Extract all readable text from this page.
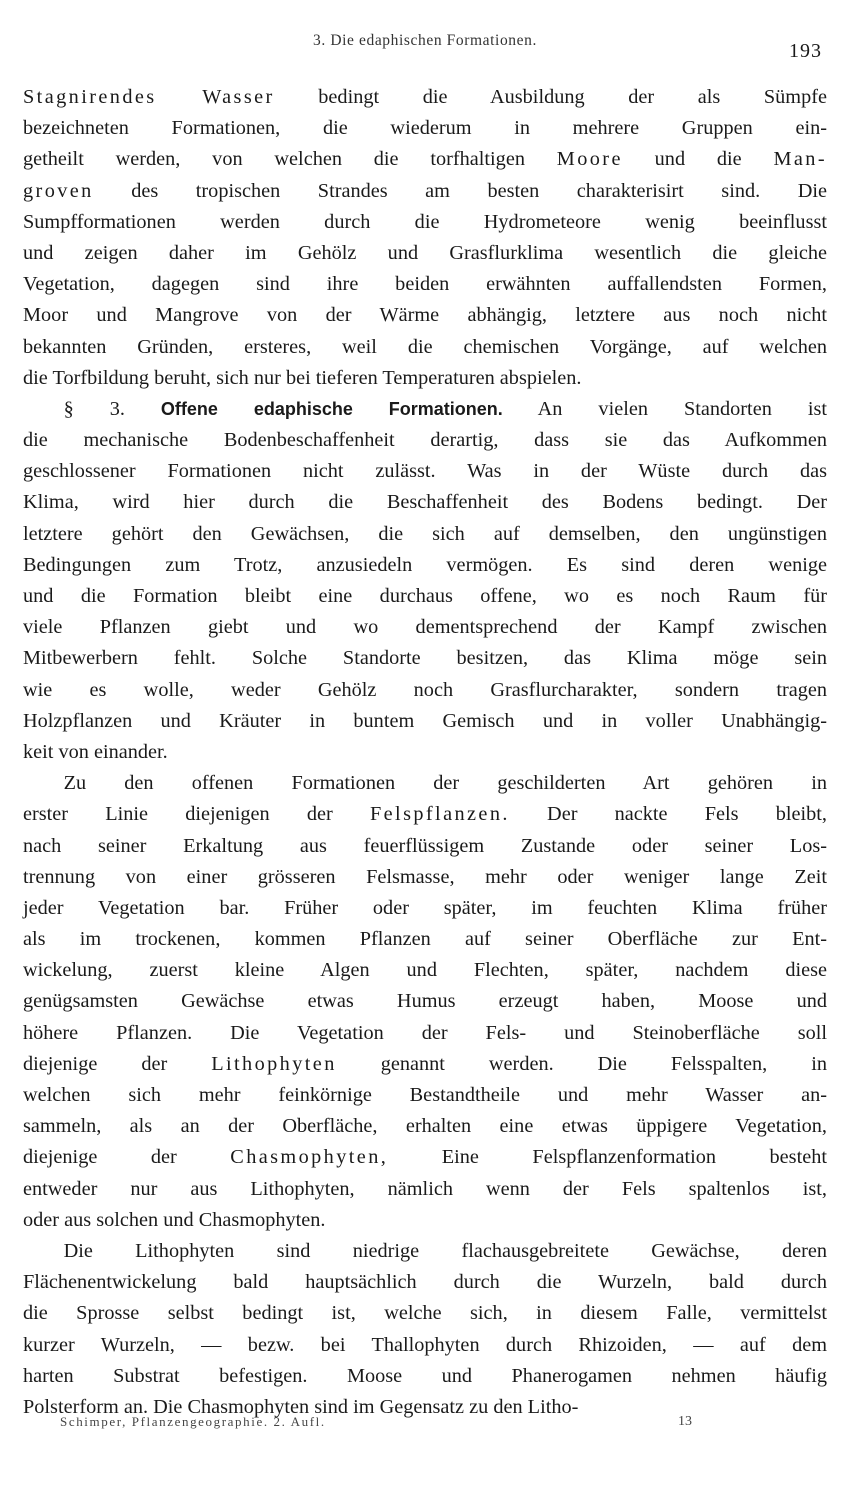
3. Die edaphischen Formationen.	193
Stagnirendes Wasser bedingt die Ausbildung der als Sümpfe
bezeichneten Formationen, die wiederum in mehrere Gruppen ein-
getheilt werden, von welchen die torfhaltigen Moore und die Man-
groven des tropischen Strandes am besten charakterisirt sind. Die
Sumpfformationen werden durch die Hydrometeore wenig beeinflusst
und zeigen daher im Gehölz und Grasflurklima wesentlich die gleiche
Vegetation, dagegen sind ihre beiden erwähnten auffallendsten Formen,
Moor und Mangrove von der Wärme abhängig, letztere aus noch nicht
bekannten Gründen, ersteres, weil die chemischen Vorgänge, auf welchen
die Torfbildung beruht, sich nur bei tieferen Temperaturen abspielen.
  § 3. Offene edaphische Formationen. An vielen Standorten ist
die mechanische Bodenbeschaffenheit derartig, dass sie das Aufkommen
geschlossener Formationen nicht zulässt. Was in der Wüste durch das
Klima, wird hier durch die Beschaffenheit des Bodens bedingt. Der
letztere gehört den Gewächsen, die sich auf demselben, den ungünstigen
Bedingungen zum Trotz, anzusiedeln vermögen. Es sind deren wenige
und die Formation bleibt eine durchaus offene, wo es noch Raum für
viele Pflanzen giebt und wo dementsprechend der Kampf zwischen
Mitbewerbern fehlt. Solche Standorte besitzen, das Klima möge sein
wie es wolle, weder Gehölz noch Grasflurcharakter, sondern tragen
Holzpflanzen und Kräuter in buntem Gemisch und in voller Unabhängig-
keit von einander.
  Zu den offenen Formationen der geschilderten Art gehören in
erster Linie diejenigen der Felspflanzen. Der nackte Fels bleibt,
nach seiner Erkaltung aus feuerflüssigem Zustande oder seiner Los-
trennung von einer grösseren Felsmasse, mehr oder weniger lange Zeit
jeder Vegetation bar. Früher oder später, im feuchten Klima früher
als im trockenen, kommen Pflanzen auf seiner Oberfläche zur Ent-
wickelung, zuerst kleine Algen und Flechten, später, nachdem diese
genügsamsten Gewächse etwas Humus erzeugt haben, Moose und
höhere Pflanzen. Die Vegetation der Fels- und Steinoberfläche soll
diejenige der Lithophyten genannt werden. Die Felsspalten, in
welchen sich mehr feinkörnige Bestandtheile und mehr Wasser an-
sammeln, als an der Oberfläche, erhalten eine etwas üppigere Vegetation,
diejenige der Chasmophyten, Eine Felspflanzenformation besteht
entweder nur aus Lithophyten, nämlich wenn der Fels spaltenlos ist,
oder aus solchen und Chasmophyten.
  Die Lithophyten sind niedrige flachausgebreitete Gewächse, deren
Flächenentwickelung bald hauptsächlich durch die Wurzeln, bald durch
die Sprosse selbst bedingt ist, welche sich, in diesem Falle, vermittelst
kurzer Wurzeln, — bezw. bei Thallophyten durch Rhizoiden, — auf dem
harten Substrat befestigen. Moose und Phanerogamen nehmen häufig
Polsterform an. Die Chasmophyten sind im Gegensatz zu den Litho-
Schimper, Pflanzengeographie. 2. Aufl.	13
